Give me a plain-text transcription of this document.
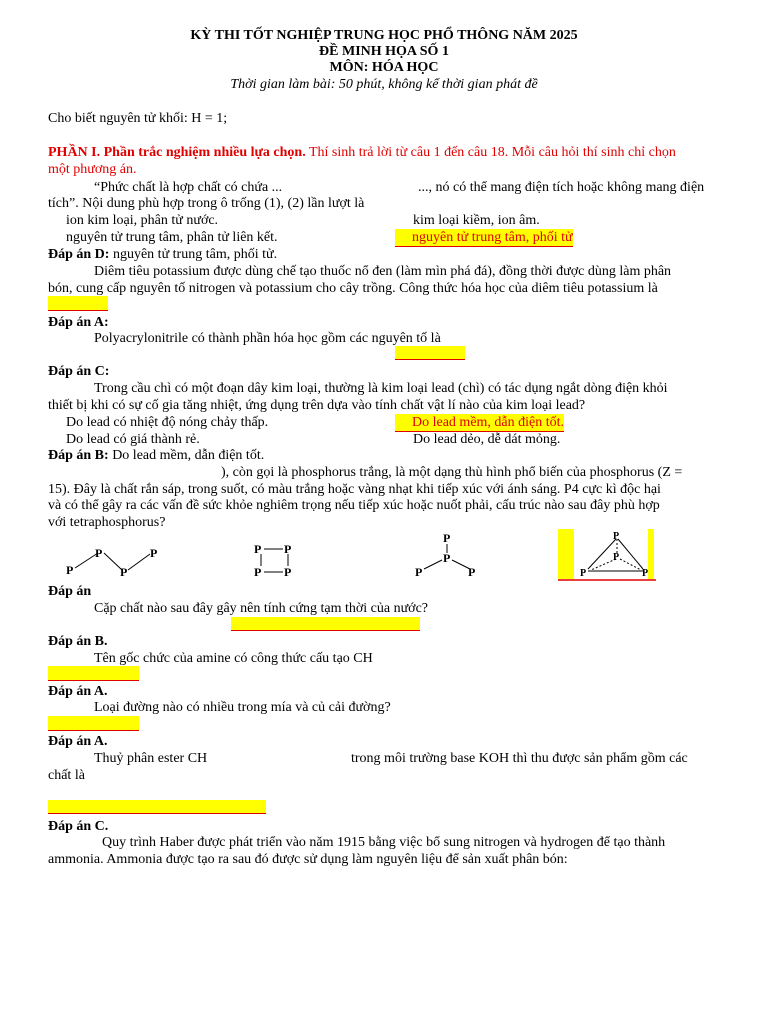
KỲ THI TỐT NGHIỆP TRUNG HỌC PHỔ THÔNG NĂM 2025
ĐỀ MINH HỌA SỐ 1
MÔN: HÓA HỌC
Thời gian làm bài: 50 phút, không kể thời gian phát đề
Cho biết nguyên tử khối: H = 1;
PHẦN I. Phần trắc nghiệm nhiều lựa chọn. Thí sinh trả lời từ câu 1 đến câu 18. Mỗi câu hỏi thí sinh chỉ chọn
một phương án.
“Phức chất là hợp chất có chứa ...	..., nó có thể mang điện tích hoặc không mang điện
tích”. Nội dung phù hợp trong ô trống (1), (2) lần lượt là
ion kim loại, phân tử nước.	kim loại kiềm, ion âm.
nguyên tử trung tâm, phân tử liên kết.	nguyên tử trung tâm, phối tử
Đáp án D: nguyên tử trung tâm, phối tử.
Diêm tiêu potassium được dùng chế tạo thuốc nổ đen (làm mìn phá đá), đồng thời được dùng làm phân
bón, cung cấp nguyên tố nitrogen và potassium cho cây trồng. Công thức hóa học của diêm tiêu potassium là
Đáp án A:
Polyacrylonitrile có thành phần hóa học gồm các nguyên tố là
Đáp án C:
Trong cầu chì có một đoạn dây kim loại, thường là kim loại lead (chì) có tác dụng ngắt dòng điện khỏi
thiết bị khi có sự cố gia tăng nhiệt, ứng dụng trên dựa vào tính chất vật lí nào của kim loại lead?
Do lead có nhiệt độ nóng chảy thấp.	Do lead mềm, dẫn điện tốt.
Do lead có giá thành rẻ.	Do lead dẻo, dễ dát mỏng.
Đáp án B: Do lead mềm, dẫn điện tốt.
), còn gọi là phosphorus trắng, là một dạng thù hình phổ biến của phosphorus (Z =
15). Đây là chất rắn sáp, trong suốt, có màu trắng hoặc vàng nhạt khi tiếp xúc với ánh sáng. P4 cực kì độc hại
và có thể gây ra các vấn đề sức khỏe nghiêm trọng nếu tiếp xúc hoặc nuốt phải, cấu trúc nào sau đây phù hợp
với tetraphosphorus?
P
P
P
P	P P
P P
P
P
P	P
P
P
P	P
Đáp án
Cặp chất nào sau đây gây nên tính cứng tạm thời của nước?
Đáp án B.
Tên gốc chức của amine có công thức cấu tạo CH
Đáp án A.
Loại đường nào có nhiều trong mía và củ cải đường?
Đáp án A.
Thuỷ phân ester CH	trong môi trường base KOH thì thu được sản phẩm gồm các
chất là
Đáp án C.
Quy trình Haber được phát triển vào năm 1915 bằng việc bổ sung nitrogen và hydrogen để tạo thành
ammonia. Ammonia được tạo ra sau đó được sử dụng làm nguyên liệu để sản xuất phân bón:
